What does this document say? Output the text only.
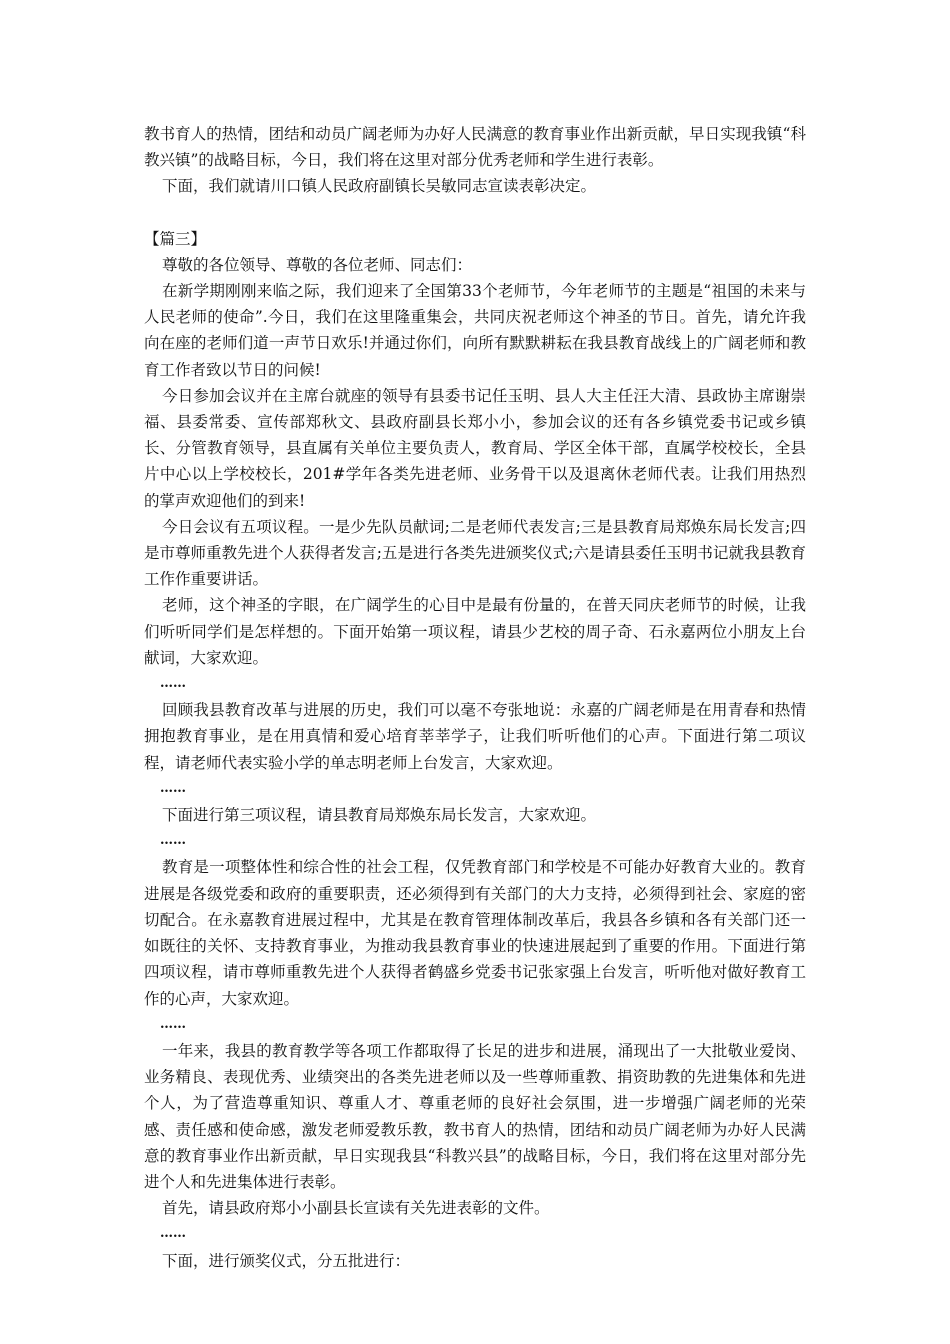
教书育人的热情，团结和动员广阔老师为办好人民满意的教育事业作出新贡献，早日实现我镇“科教兴镇”的战略目标，今日，我们将在这里对部分优秀老师和学生进行表彰。

下面，我们就请川口镇人民政府副镇长吴敏同志宣读表彰决定。

【篇三】

尊敬的各位领导、尊敬的各位老师、同志们：

在新学期刚刚来临之际，我们迎来了全国第33个老师节，今年老师节的主题是“祖国的未来与人民老师的使命”.今日，我们在这里隆重集会，共同庆祝老师这个神圣的节日。首先，请允许我向在座的老师们道一声节日欢乐!并通过你们，向所有默默耕耘在我县教育战线上的广阔老师和教育工作者致以节日的问候!

今日参加会议并在主席台就座的领导有县委书记任玉明、县人大主任汪大清、县政协主席谢崇福、县委常委、宣传部郑秋文、县政府副县长郑小小，参加会议的还有各乡镇党委书记或乡镇长、分管教育领导，县直属有关单位主要负责人，教育局、学区全体干部，直属学校校长，全县片中心以上学校校长，201#学年各类先进老师、业务骨干以及退离休老师代表。让我们用热烈的掌声欢迎他们的到来!

今日会议有五项议程。一是少先队员献词;二是老师代表发言;三是县教育局郑焕东局长发言;四是市尊师重教先进个人获得者发言;五是进行各类先进颁奖仪式;六是请县委任玉明书记就我县教育工作作重要讲话。

老师，这个神圣的字眼，在广阔学生的心目中是最有份量的，在普天同庆老师节的时候，让我们听听同学们是怎样想的。下面开始第一项议程，请县少艺校的周子奇、石永嘉两位小朋友上台献词，大家欢迎。

……

回顾我县教育改革与进展的历史，我们可以毫不夸张地说：永嘉的广阔老师是在用青春和热情拥抱教育事业，是在用真情和爱心培育莘莘学子，让我们听听他们的心声。下面进行第二项议程，请老师代表实验小学的单志明老师上台发言，大家欢迎。

……

下面进行第三项议程，请县教育局郑焕东局长发言，大家欢迎。

……

教育是一项整体性和综合性的社会工程，仅凭教育部门和学校是不可能办好教育大业的。教育进展是各级党委和政府的重要职责，还必须得到有关部门的大力支持，必须得到社会、家庭的密切配合。在永嘉教育进展过程中，尤其是在教育管理体制改革后，我县各乡镇和各有关部门还一如既往的关怀、支持教育事业，为推动我县教育事业的快速进展起到了重要的作用。下面进行第四项议程，请市尊师重教先进个人获得者鹤盛乡党委书记张家强上台发言，听听他对做好教育工作的心声，大家欢迎。

……

一年来，我县的教育教学等各项工作都取得了长足的进步和进展，涌现出了一大批敬业爱岗、业务精良、表现优秀、业绩突出的各类先进老师以及一些尊师重教、捐资助教的先进集体和先进个人，为了营造尊重知识、尊重人才、尊重老师的良好社会氛围，进一步增强广阔老师的光荣感、责任感和使命感，激发老师爱教乐教，教书育人的热情，团结和动员广阔老师为办好人民满意的教育事业作出新贡献，早日实现我县“科教兴县”的战略目标，今日，我们将在这里对部分先进个人和先进集体进行表彰。

首先，请县政府郑小小副县长宣读有关先进表彰的文件。

……

下面，进行颁奖仪式，分五批进行：
